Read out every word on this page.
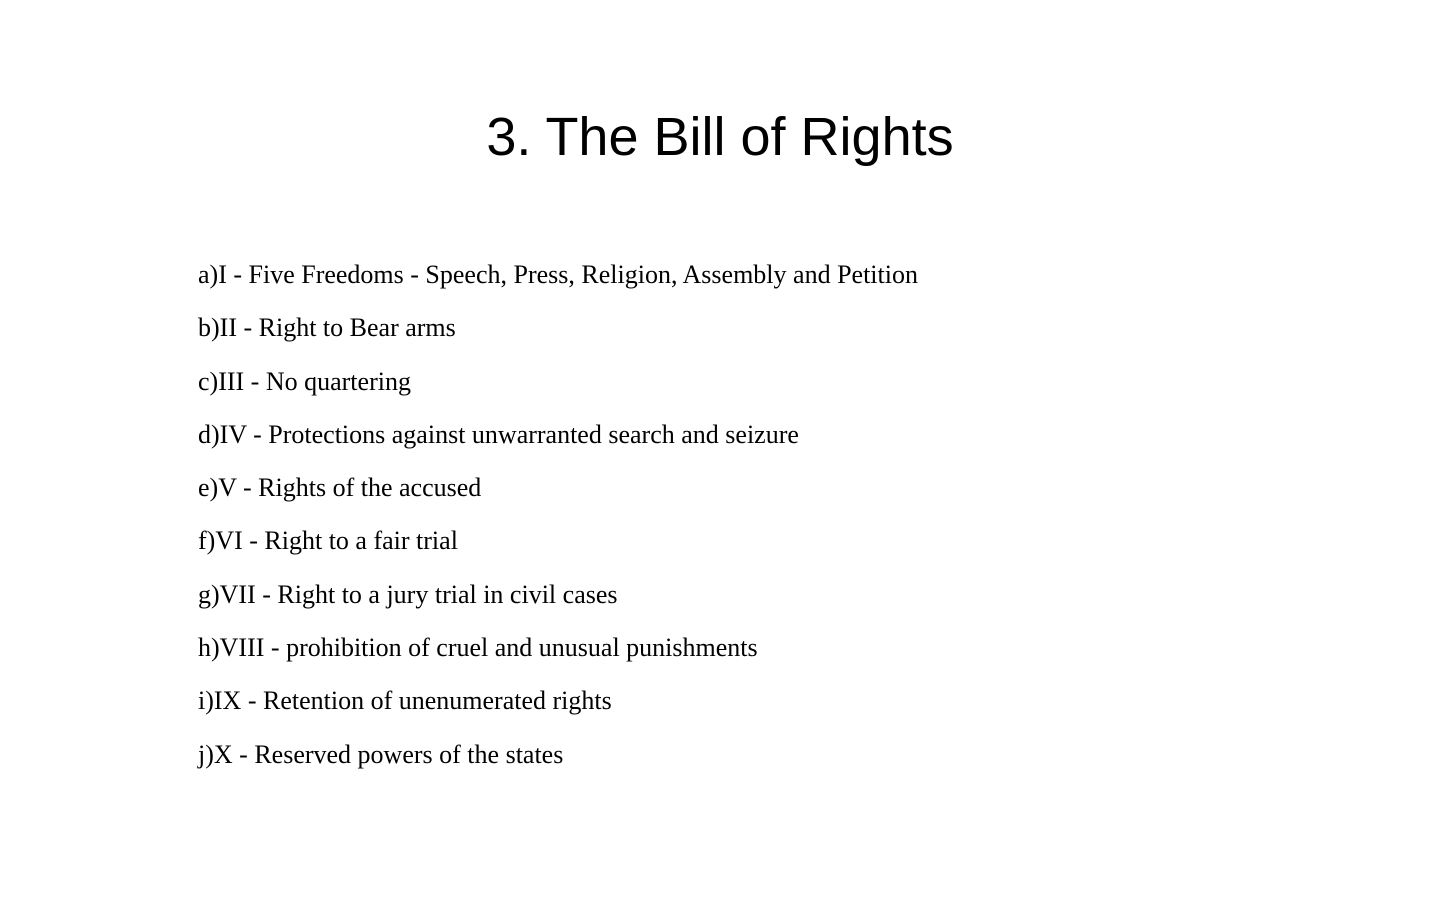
3. The Bill of Rights
a)I - Five Freedoms - Speech, Press, Religion, Assembly and Petition
b)II - Right to Bear arms
c)III - No quartering
d)IV - Protections against unwarranted search and seizure
e)V - Rights of the accused
f)VI - Right to a fair trial
g)VII - Right to a jury trial in civil cases
h)VIII - prohibition of cruel and unusual punishments
i)IX - Retention of unenumerated rights
j)X - Reserved powers of the states
